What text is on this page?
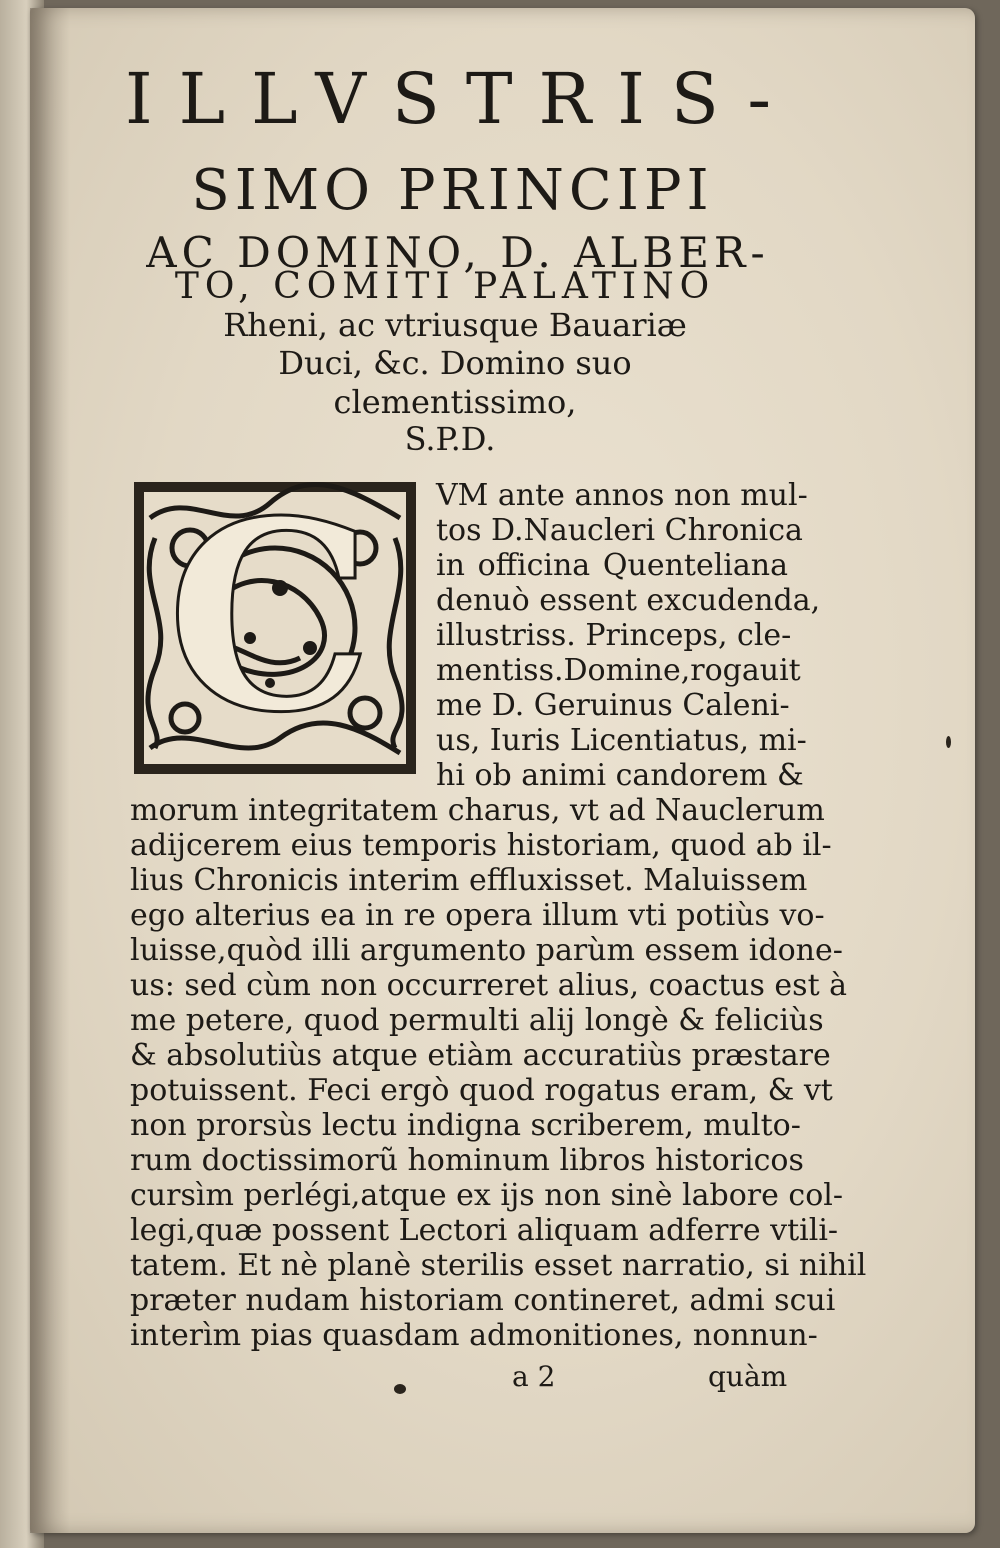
ILLVSTRIS-
SIMO PRINCIPI
AC DOMINO, D. ALBER-
TO, COMITI PALATINO
Rheni, ac vtriusque Bauariæ
Duci, &c. Domino suo
clementissimo,
S.P.D.
C VM ante annos non mul-
tos D.Naucleri Chronica
in officina Quenteliana
denuò essent excudenda,
illustriss. Princeps, cle-
mentiss.Domine,rogauit
me D. Geruinus Caleni-
us, Iuris Licentiatus, mi-
hi ob animi candorem &
morum integritatem charus, vt ad Nauclerum
adijcerem eius temporis historiam, quod ab il-
lius Chronicis interim effluxisset. Maluissem
ego alterius ea in re opera illum vti potiùs vo-
luisse,quòd illi argumento parùm essem idone-
us: sed cùm non occurreret alius, coactus est à
me petere, quod permulti alij longè & feliciùs
& absolutiùs atque etiàm accuratiùs præstare
potuissent. Feci ergò quod rogatus eram, & vt
non prorsùs lectu indigna scriberem, multo-
rum doctissimorũ hominum libros historicos
cursìm perlégi,atque ex ijs non sinè labore col-
legi,quæ possent Lectori aliquam adferre vtili-
tatem. Et nè planè sterilis esset narratio, si nihil
præter nudam historiam contineret, admi scui
interìm pias quasdam admonitiones, nonnun-
a 2	quàm
